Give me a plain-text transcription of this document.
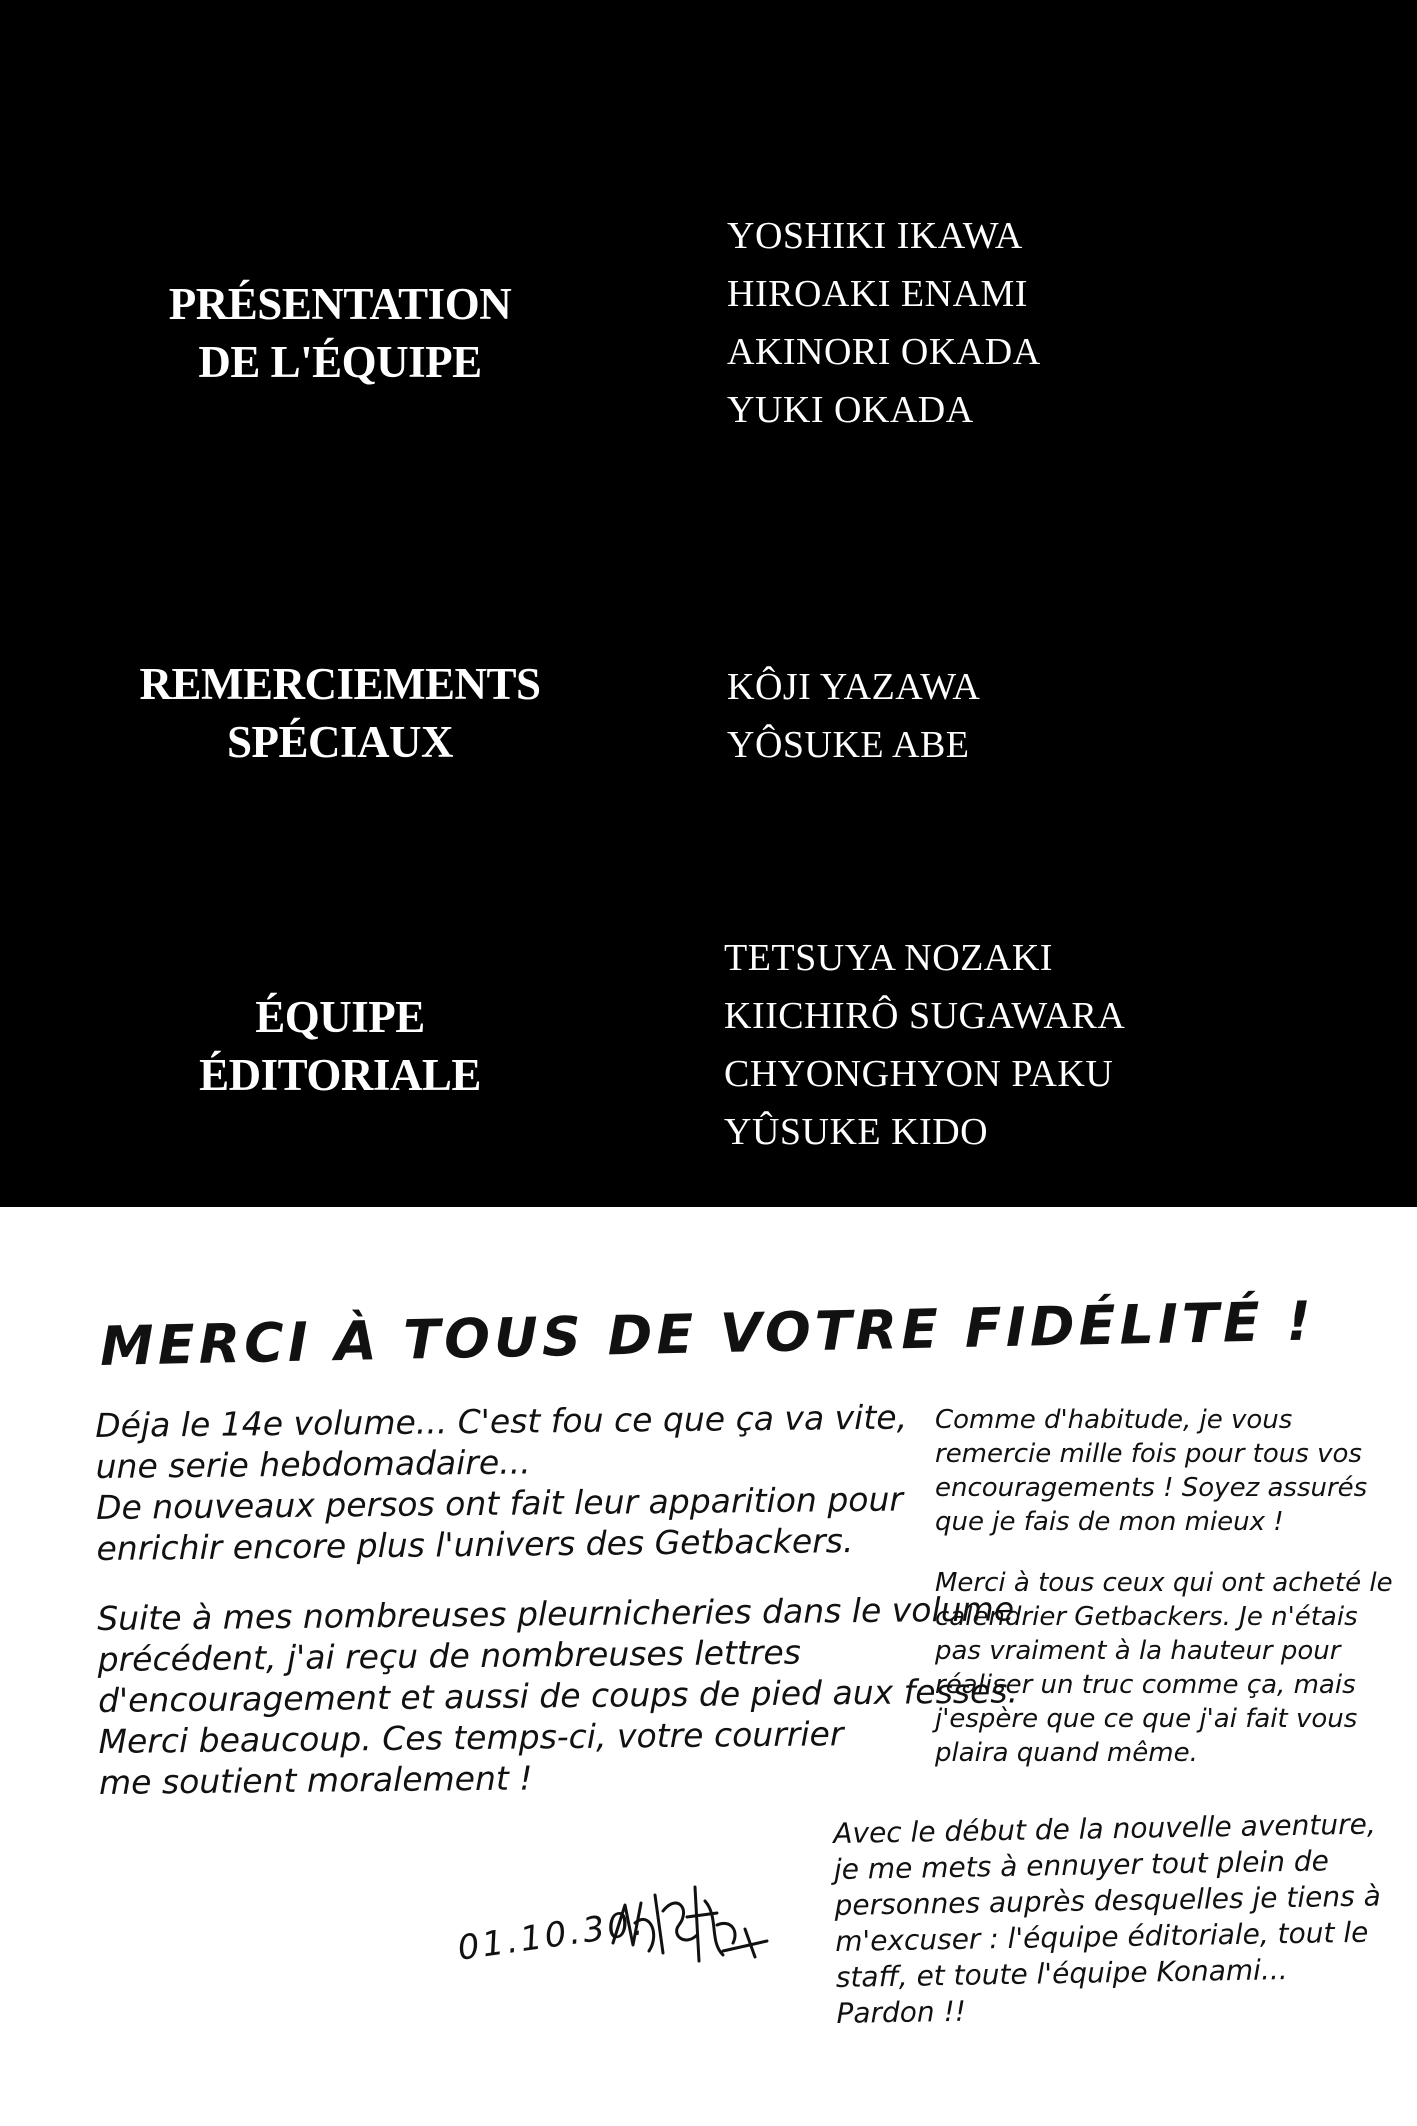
PRÉSENTATION
DE L'ÉQUIPE
YOSHIKI IKAWA
HIROAKI ENAMI
AKINORI OKADA
YUKI OKADA
REMERCIEMENTS
SPÉCIAUX
KÔJI YAZAWA
YÔSUKE ABE
ÉQUIPE
ÉDITORIALE
TETSUYA NOZAKI
KIICHIRÔ SUGAWARA
CHYONGHYON PAKU
YÛSUKE KIDO
MERCI À TOUS DE VOTRE FIDÉLITÉ !
Déja le 14e volume... C'est fou ce que ça va vite,
une serie hebdomadaire...
De nouveaux persos ont fait leur apparition pour
enrichir encore plus l'univers des Getbackers.
Suite à mes nombreuses pleurnicheries dans le volume
précédent, j'ai reçu de nombreuses lettres
d'encouragement et aussi de coups de pied aux fesses.
Merci beaucoup. Ces temps-ci, votre courrier
me soutient moralement !
Comme d'habitude, je vous
remercie mille fois pour tous vos
encouragements ! Soyez assurés
que je fais de mon mieux !
Merci à tous ceux qui ont acheté le
calendrier Getbackers. Je n'étais
pas vraiment à la hauteur pour
réaliser un truc comme ça, mais
j'espère que ce que j'ai fait vous
plaira quand même.
Avec le début de la nouvelle aventure,
je me mets à ennuyer tout plein de
personnes auprès desquelles je tiens à
m'excuser : l'équipe éditoriale, tout le
staff, et toute l'équipe Konami...
Pardon !!
01.10.30.
